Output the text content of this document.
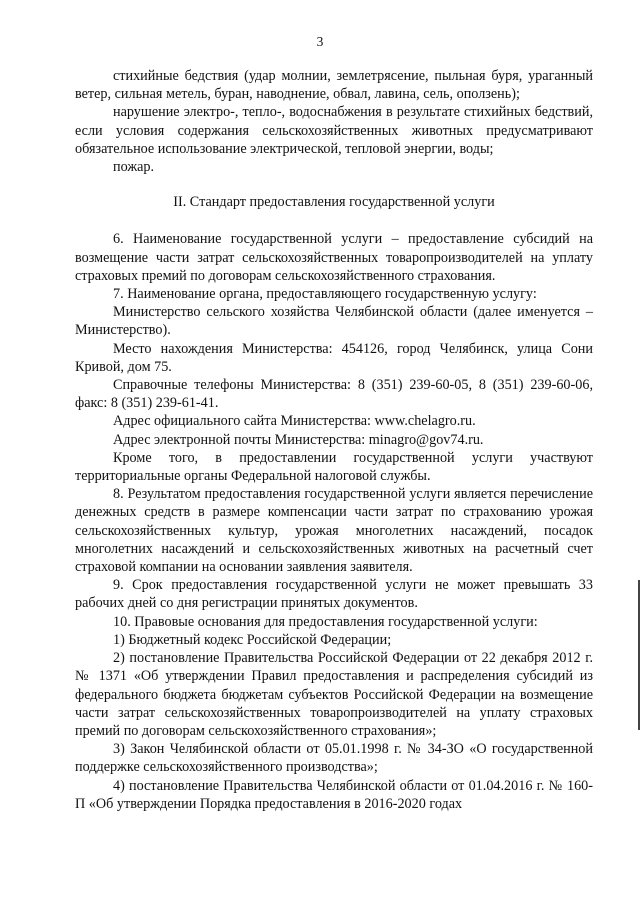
3

стихийные бедствия (удар молнии, землетрясение, пыльная буря, ураганный ветер, сильная метель, буран, наводнение, обвал, лавина, сель, оползень);

нарушение электро-, тепло-, водоснабжения в результате стихийных бедствий, если условия содержания сельскохозяйственных животных предусматривают обязательное использование электрической, тепловой энергии, воды;

пожар.

II. Стандарт предоставления государственной услуги

6. Наименование государственной услуги – предоставление субсидий на возмещение части затрат сельскохозяйственных товаропроизводителей на уплату страховых премий по договорам сельскохозяйственного страхования.

7. Наименование органа, предоставляющего государственную услугу:

Министерство сельского хозяйства Челябинской области (далее именуется – Министерство).

Место нахождения Министерства: 454126, город Челябинск, улица Сони Кривой, дом 75.

Справочные телефоны Министерства: 8 (351) 239-60-05, 8 (351) 239-60-06, факс: 8 (351) 239-61-41.

Адрес официального сайта Министерства: www.chelagro.ru.

Адрес электронной почты Министерства: minagro@gov74.ru.

Кроме того, в предоставлении государственной услуги участвуют территориальные органы Федеральной налоговой службы.

8. Результатом предоставления государственной услуги является перечисление денежных средств в размере компенсации части затрат по страхованию урожая сельскохозяйственных культур, урожая многолетних насаждений, посадок многолетних насаждений и сельскохозяйственных животных на расчетный счет страховой компании на основании заявления заявителя.

9. Срок предоставления государственной услуги не может превышать 33 рабочих дней со дня регистрации принятых документов.

10. Правовые основания для предоставления государственной услуги:

1) Бюджетный кодекс Российской Федерации;

2) постановление Правительства Российской Федерации от 22 декабря 2012 г. № 1371 «Об утверждении Правил предоставления и распределения субсидий из федерального бюджета бюджетам субъектов Российской Федерации на возмещение части затрат сельскохозяйственных товаропроизводителей на уплату страховых премий по договорам сельскохозяйственного страхования»;

3) Закон Челябинской области от 05.01.1998 г. № 34-ЗО «О государственной поддержке сельскохозяйственного производства»;

4) постановление Правительства Челябинской области от 01.04.2016 г. № 160-П «Об утверждении Порядка предоставления в 2016-2020 годах
